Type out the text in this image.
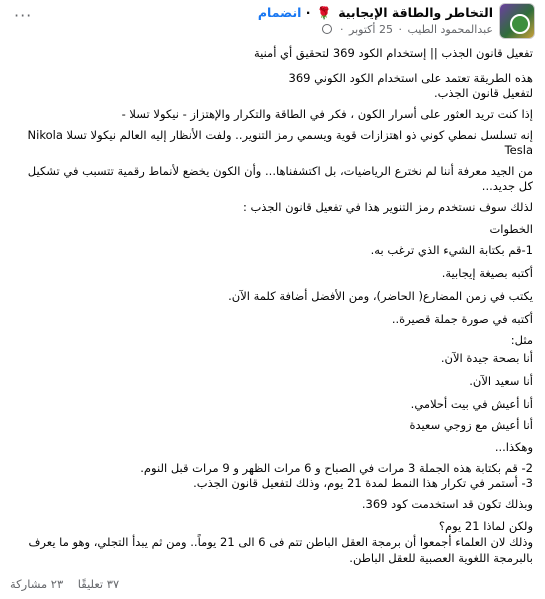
التخاطر والطاقة الإيجابية 🌹 · انضمام
عبدالمحمود الطيب · 25 أكتوبر ·
···
تفعيل قانون الجذب || إستخدام الكود 369 لتحقيق أي أمنية
هذه الطريقة تعتمد على استخدام الكود الكوني 369
لتفعيل قانون الجذب.
إذا كنت تريد العثور على أسرار الكون ، فكر في الطاقة والتكرار والإهتزاز - نيكولا تسلا -
إنه تسلسل نمطي كوني ذو اهتزازات قوية ويسمي رمز التنوير.. ولفت الأنظار إليه العالم نيكولا تسلا Nikola
Tesla
من الجيد معرفة أننا لم نخترع الرياضيات، بل اكتشفناها... وأن الكون يخضع لأنماط رقمية تتسبب في تشكيل
كل جديد...
لذلك سوف نستخدم رمز التنوير هذا في تفعيل قانون الجذب :
الخطوات
1-قم بكتابة الشيء الذي ترغب به.
أكتبه بصيغة إيجابية.
يكتب في زمن المضارع( الحاضر)، ومن الأفضل أضافة كلمة الآن.
أكتبه في صورة جملة قصيرة..
مثل:
أنا بصحة جيدة الآن.
أنا سعيد الآن.
أنا أعيش في بيت أحلامي.
أنا أعيش مع زوجي سعيدة
وهكذا...
2- قم بكتابة هذه الجملة 3 مرات في الصباح و 6 مرات الظهر و 9 مرات قبل النوم.
3- أستمر في تكرار هذا النمط لمدة 21 يوم، وذلك لتفعيل قانون الجذب.
وبذلك تكون قد استخدمت كود 369.
ولكن لماذا 21 يوم؟
وذلك لان العلماء أجمعوا أن برمجة العقل الباطن تتم فى 6 الى 21 يوماً.. ومن ثم يبدأ التجلي، وهو ما يعرف
بالبرمجة اللغوية العصبية للعقل الباطن.
٣٧ تعليقًا    ٢٣ مشاركة
